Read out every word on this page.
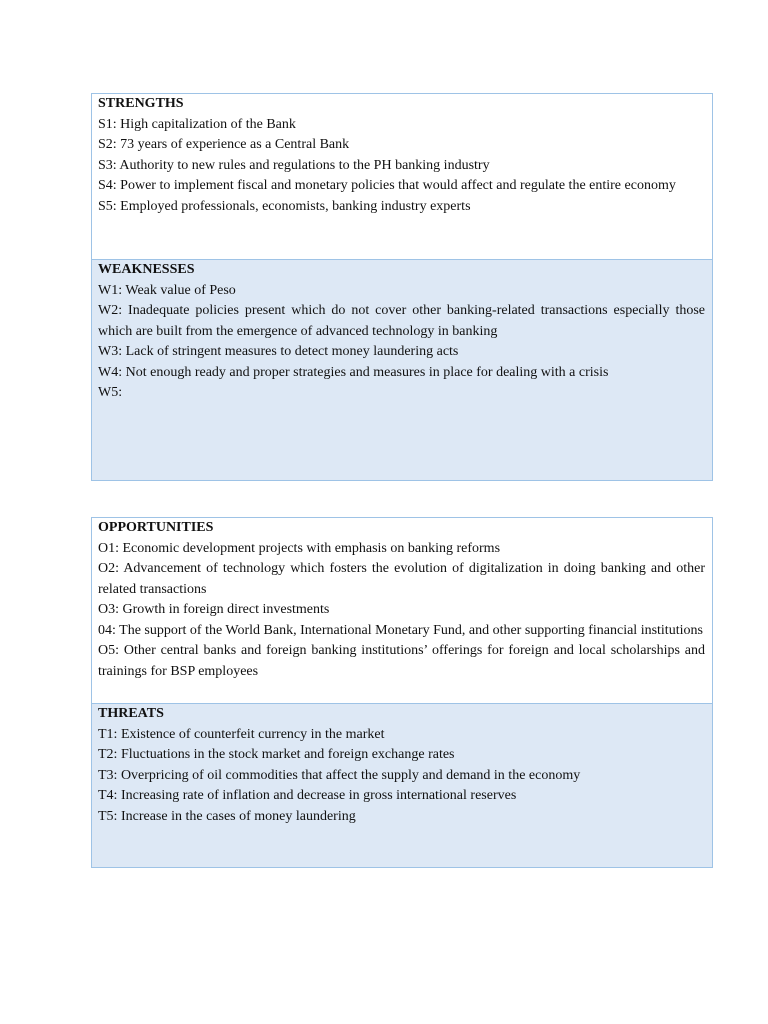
STRENGTHS

S1: High capitalization of the Bank

S2: 73 years of experience as a Central Bank

S3: Authority to new rules and regulations to the PH banking industry

S4: Power to implement fiscal and monetary policies that would affect and regulate the entire economy

S5: Employed professionals, economists, banking industry experts

WEAKNESSES

W1: Weak value of Peso

W2: Inadequate policies present which do not cover other banking-related transactions especially those which are built from the emergence of advanced technology in banking

W3: Lack of stringent measures to detect money laundering acts

W4: Not enough ready and proper strategies and measures in place for dealing with a crisis

W5:

OPPORTUNITIES

O1: Economic development projects with emphasis on banking reforms

O2: Advancement of technology which fosters the evolution of digitalization in doing banking and other related transactions

O3: Growth in foreign direct investments

04: The support of the World Bank, International Monetary Fund, and other supporting financial institutions

O5: Other central banks and foreign banking institutions’ offerings for foreign and local scholarships and trainings for BSP employees

THREATS

T1: Existence of counterfeit currency in the market

T2: Fluctuations in the stock market and foreign exchange rates

T3: Overpricing of oil commodities that affect the supply and demand in the economy

T4: Increasing rate of inflation and decrease in gross international reserves

T5: Increase in the cases of money laundering
